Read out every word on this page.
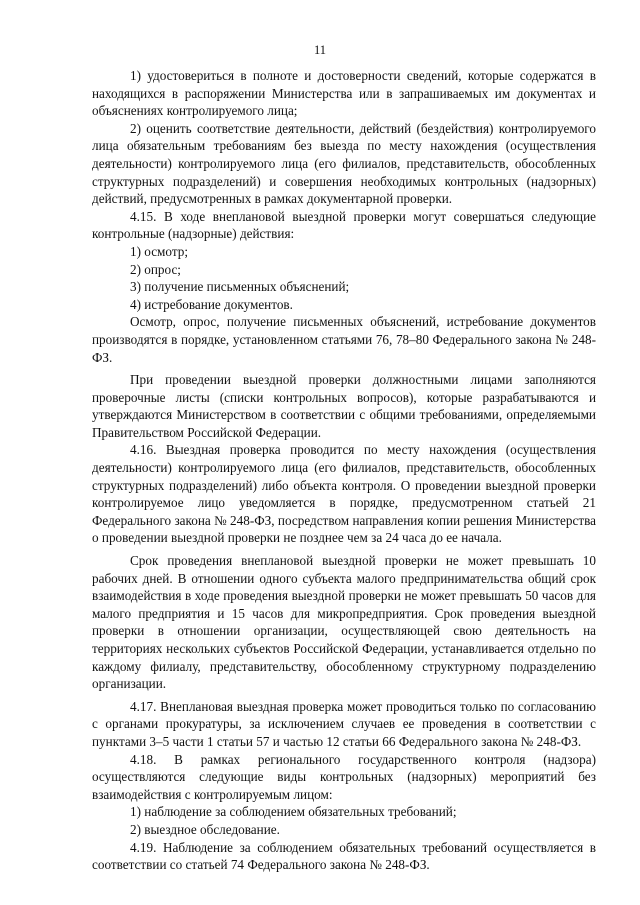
11

1) удостовериться в полноте и достоверности сведений, которые содержатся в находящихся в распоряжении Министерства или в запрашиваемых им документах и объяснениях контролируемого лица;

2) оценить соответствие деятельности, действий (бездействия) контролируемого лица обязательным требованиям без выезда по месту нахождения (осуществления деятельности) контролируемого лица (его филиалов, представительств, обособленных структурных подразделений) и совершения необходимых контрольных (надзорных) действий, предусмотренных в рамках документарной проверки.

4.15. В ходе внеплановой выездной проверки могут совершаться следующие контрольные (надзорные) действия:

1) осмотр;

2) опрос;

3) получение письменных объяснений;

4) истребование документов.

Осмотр, опрос, получение письменных объяснений, истребование документов производятся в порядке, установленном статьями 76, 78–80 Федерального закона № 248-ФЗ.

При проведении выездной проверки должностными лицами заполняются проверочные листы (списки контрольных вопросов), которые разрабатываются и утверждаются Министерством в соответствии с общими требованиями, определяемыми Правительством Российской Федерации.

4.16. Выездная проверка проводится по месту нахождения (осуществления деятельности) контролируемого лица (его филиалов, представительств, обособленных структурных подразделений) либо объекта контроля. О проведении выездной проверки контролируемое лицо уведомляется в порядке, предусмотренном статьей 21 Федерального закона № 248-ФЗ, посредством направления копии решения Министерства о проведении выездной проверки не позднее чем за 24 часа до ее начала.

Срок проведения внеплановой выездной проверки не может превышать 10 рабочих дней. В отношении одного субъекта малого предпринимательства общий срок взаимодействия в ходе проведения выездной проверки не может превышать 50 часов для малого предприятия и 15 часов для микропредприятия. Срок проведения выездной проверки в отношении организации, осуществляющей свою деятельность на территориях нескольких субъектов Российской Федерации, устанавливается отдельно по каждому филиалу, представительству, обособленному структурному подразделению организации.

4.17. Внеплановая выездная проверка может проводиться только по согласованию с органами прокуратуры, за исключением случаев ее проведения в соответствии с пунктами 3–5 части 1 статьи 57 и частью 12 статьи 66 Федерального закона № 248-ФЗ.

4.18. В рамках регионального государственного контроля (надзора) осуществляются следующие виды контрольных (надзорных) мероприятий без взаимодействия с контролируемым лицом:

1) наблюдение за соблюдением обязательных требований;

2) выездное обследование.

4.19. Наблюдение за соблюдением обязательных требований осуществляется в соответствии со статьей 74 Федерального закона № 248-ФЗ.
